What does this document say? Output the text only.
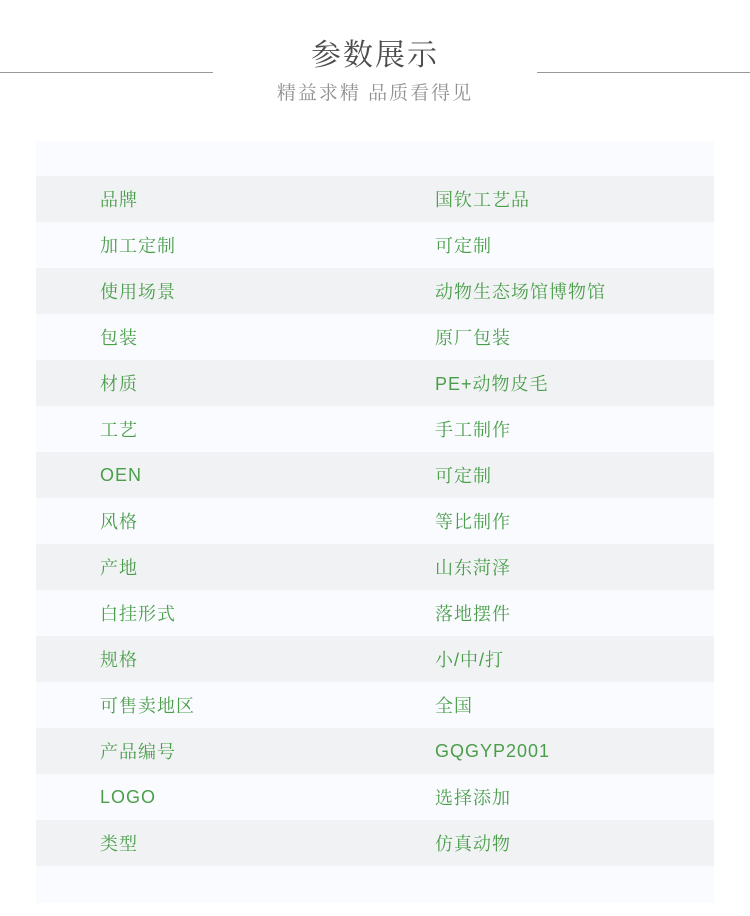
参数展示

精益求精 品质看得见

品牌	国钦工艺品
加工定制	可定制
使用场景	动物生态场馆博物馆
包装	原厂包装
材质	PE+动物皮毛
工艺	手工制作
OEN	可定制
风格	等比制作
产地	山东菏泽
白挂形式	落地摆件
规格	小/中/打
可售卖地区	全国
产品编号	GQGYP2001
LOGO	选择添加
类型	仿真动物
